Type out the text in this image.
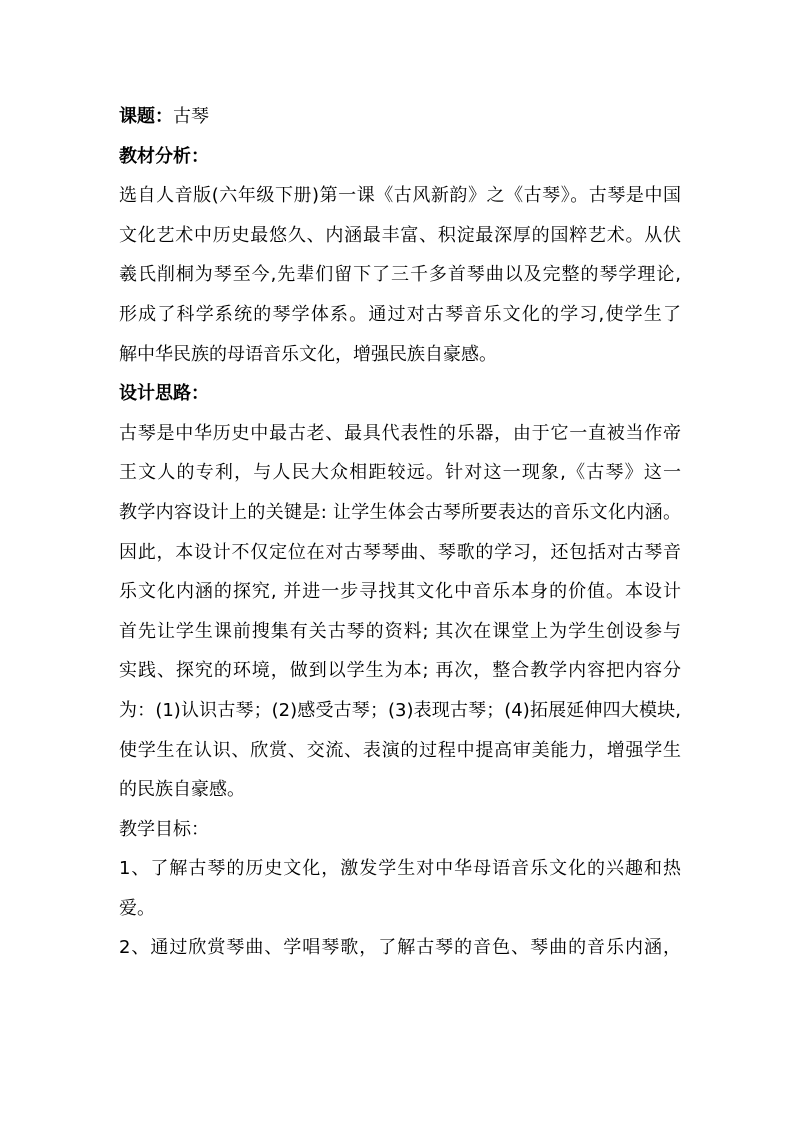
课题：古琴
教材分析：
选自人音版(六年级下册)第一课《古风新韵》之《古琴》。古琴是中国
文化艺术中历史最悠久、内涵最丰富、积淀最深厚的国粹艺术。从伏
羲氏削桐为琴至今,先辈们留下了三千多首琴曲以及完整的琴学理论,
形成了科学系统的琴学体系。通过对古琴音乐文化的学习,使学生了
解中华民族的母语音乐文化，增强民族自豪感。
设计思路：
古琴是中华历史中最古老、最具代表性的乐器，由于它一直被当作帝
王文人的专利，与人民大众相距较远。针对这一现象,《古琴》这一
教学内容设计上的关键是: 让学生体会古琴所要表达的音乐文化内涵。
因此，本设计不仅定位在对古琴琴曲、琴歌的学习，还包括对古琴音
乐文化内涵的探究, 并进一步寻找其文化中音乐本身的价值。本设计
首先让学生课前搜集有关古琴的资料; 其次在课堂上为学生创设参与
实践、探究的环境，做到以学生为本; 再次，整合教学内容把内容分
为：(1)认识古琴；(2)感受古琴；(3)表现古琴；(4)拓展延伸四大模块,
使学生在认识、欣赏、交流、表演的过程中提高审美能力，增强学生
的民族自豪感。
教学目标：
1、了解古琴的历史文化，激发学生对中华母语音乐文化的兴趣和热
爱。
2、通过欣赏琴曲、学唱琴歌，了解古琴的音色、琴曲的音乐内涵，
